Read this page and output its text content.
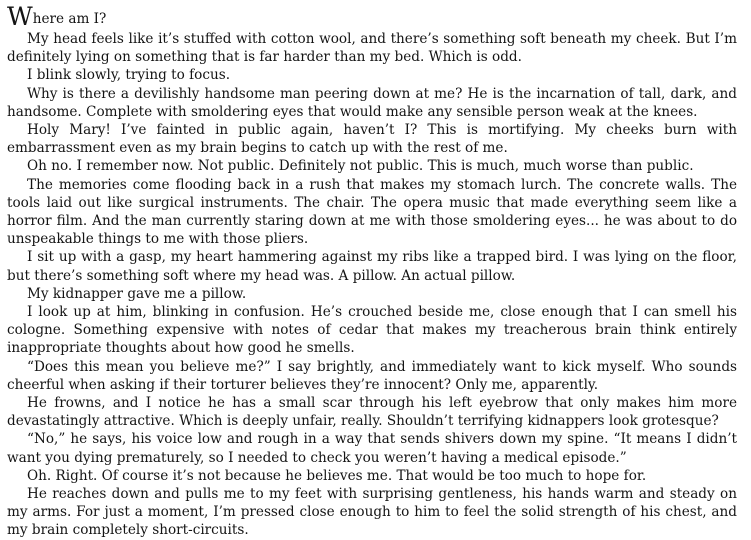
Where am I?

My head feels like it’s stuffed with cotton wool, and there’s something soft beneath my cheek. But I’m definitely lying on something that is far harder than my bed. Which is odd.

I blink slowly, trying to focus.

Why is there a devilishly handsome man peering down at me? He is the incarnation of tall, dark, and handsome. Complete with smoldering eyes that would make any sensible person weak at the knees.

Holy Mary! I’ve fainted in public again, haven’t I? This is mortifying. My cheeks burn with embarrassment even as my brain begins to catch up with the rest of me.

Oh no. I remember now. Not public. Definitely not public. This is much, much worse than public.

The memories come flooding back in a rush that makes my stomach lurch. The concrete walls. The tools laid out like surgical instruments. The chair. The opera music that made everything seem like a horror film. And the man currently staring down at me with those smoldering eyes... he was about to do unspeakable things to me with those pliers.

I sit up with a gasp, my heart hammering against my ribs like a trapped bird. I was lying on the floor, but there’s something soft where my head was. A pillow. An actual pillow.

My kidnapper gave me a pillow.

I look up at him, blinking in confusion. He’s crouched beside me, close enough that I can smell his cologne. Something expensive with notes of cedar that makes my treacherous brain think entirely inappropriate thoughts about how good he smells.

“Does this mean you believe me?” I say brightly, and immediately want to kick myself. Who sounds cheerful when asking if their torturer believes they’re innocent? Only me, apparently.

He frowns, and I notice he has a small scar through his left eyebrow that only makes him more devastatingly attractive. Which is deeply unfair, really. Shouldn’t terrifying kidnappers look grotesque?

“No,” he says, his voice low and rough in a way that sends shivers down my spine. “It means I didn’t want you dying prematurely, so I needed to check you weren’t having a medical episode.”

Oh. Right. Of course it’s not because he believes me. That would be too much to hope for.

He reaches down and pulls me to my feet with surprising gentleness, his hands warm and steady on my arms. For just a moment, I’m pressed close enough to him to feel the solid strength of his chest, and my brain completely short-circuits.
